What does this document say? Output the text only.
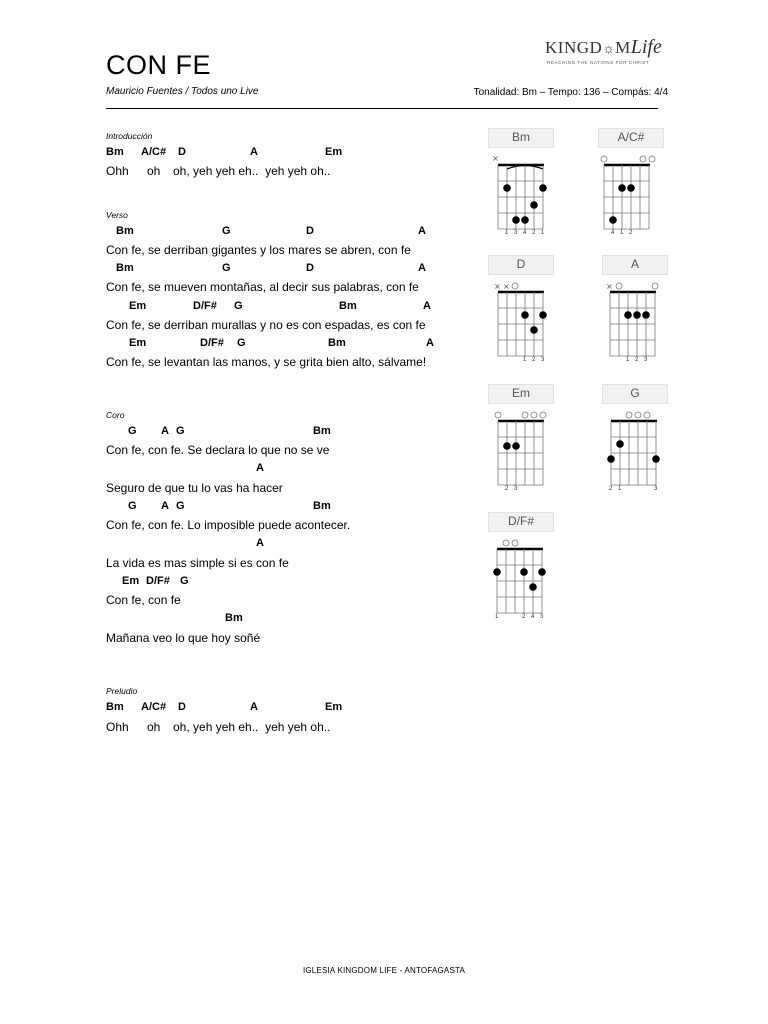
CON FE
Mauricio Fuentes / Todos uno Live	Tonalidad: Bm – Tempo: 136 – Compás: 4/4
KINGD☼MLife
REACHING THE NATIONS FOR CHRIST
Introducción
Bm A/C# D	A	Em
Ohh oh oh, yeh yeh eh..  yeh yeh oh..
Verso
Bm	G	D	A
Con fe, se derriban gigantes y los mares se abren, con fe
Bm	G	D	A
Con fe, se mueven montañas, al decir sus palabras, con fe
Em	D/F# G	Bm	A
Con fe, se derriban murallas y no es con espadas, es con fe
Em	D/F# G	Bm	A
Con fe, se levantan las manos, y se grita bien alto, sálvame!
Coro
G A G	Bm
Con fe, con fe. Se declara lo que no se ve
A
Seguro de que tu lo vas ha hacer
G A G	Bm
Con fe, con fe. Lo imposible puede acontecer.
A
La vida es mas simple si es con fe
Em D/F# G
Con fe, con fe
Bm
Mañana veo lo que hoy soñé
Preludio
Bm A/C# D	A	Em
Ohh oh oh, yeh yeh eh..  yeh yeh oh..
Bm
×
1 3 4 2 1
A/C#
4 1 2
D
× ×
1 2 3
A
×
1 2 3
Em
2 3
G
2 1	3
D/F#
1	2 4 3
IGLESIA KINGDOM LIFE - ANTOFAGASTA
